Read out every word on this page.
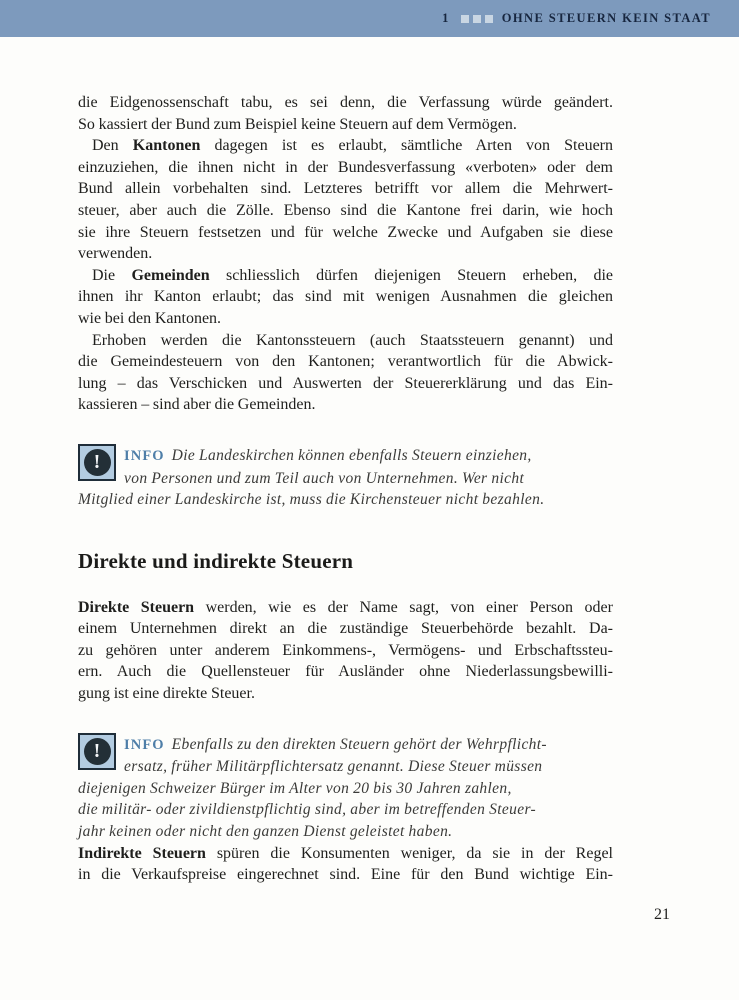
1	OHNE STEUERN KEIN STAAT
die Eidgenossenschaft tabu, es sei denn, die Verfassung würde geändert.
So kassiert der Bund zum Beispiel keine Steuern auf dem Vermögen.
Den Kantonen dagegen ist es erlaubt, sämtliche Arten von Steuern
einzuziehen, die ihnen nicht in der Bundesverfassung «verboten» oder dem
Bund allein vorbehalten sind. Letzteres betrifft vor allem die Mehrwert-
steuer, aber auch die Zölle. Ebenso sind die Kantone frei darin, wie hoch
sie ihre Steuern festsetzen und für welche Zwecke und Aufgaben sie diese
verwenden.
Die Gemeinden schliesslich dürfen diejenigen Steuern erheben, die
ihnen ihr Kanton erlaubt; das sind mit wenigen Ausnahmen die gleichen
wie bei den Kantonen.
Erhoben werden die Kantonssteuern (auch Staatssteuern genannt) und
die Gemeindesteuern von den Kantonen; verantwortlich für die Abwick-
lung – das Verschicken und Auswerten der Steuererklärung und das Ein-
kassieren – sind aber die Gemeinden.
!	INFO Die Landeskirchen können ebenfalls Steuern einziehen,
von Personen und zum Teil auch von Unternehmen. Wer nicht
Mitglied einer Landeskirche ist, muss die Kirchensteuer nicht bezahlen.
Direkte und indirekte Steuern
Direkte Steuern werden, wie es der Name sagt, von einer Person oder
einem Unternehmen direkt an die zuständige Steuerbehörde bezahlt. Da-
zu gehören unter anderem Einkommens-, Vermögens- und Erbschaftssteu-
ern. Auch die Quellensteuer für Ausländer ohne Niederlassungsbewilli-
gung ist eine direkte Steuer.
!	INFO Ebenfalls zu den direkten Steuern gehört der Wehrpflicht-
ersatz, früher Militärpflichtersatz genannt. Diese Steuer müssen
diejenigen Schweizer Bürger im Alter von 20 bis 30 Jahren zahlen,
die militär- oder zivildienstpflichtig sind, aber im betreffenden Steuer-
jahr keinen oder nicht den ganzen Dienst geleistet haben.
Indirekte Steuern spüren die Konsumenten weniger, da sie in der Regel
in die Verkaufspreise eingerechnet sind. Eine für den Bund wichtige Ein-
21
